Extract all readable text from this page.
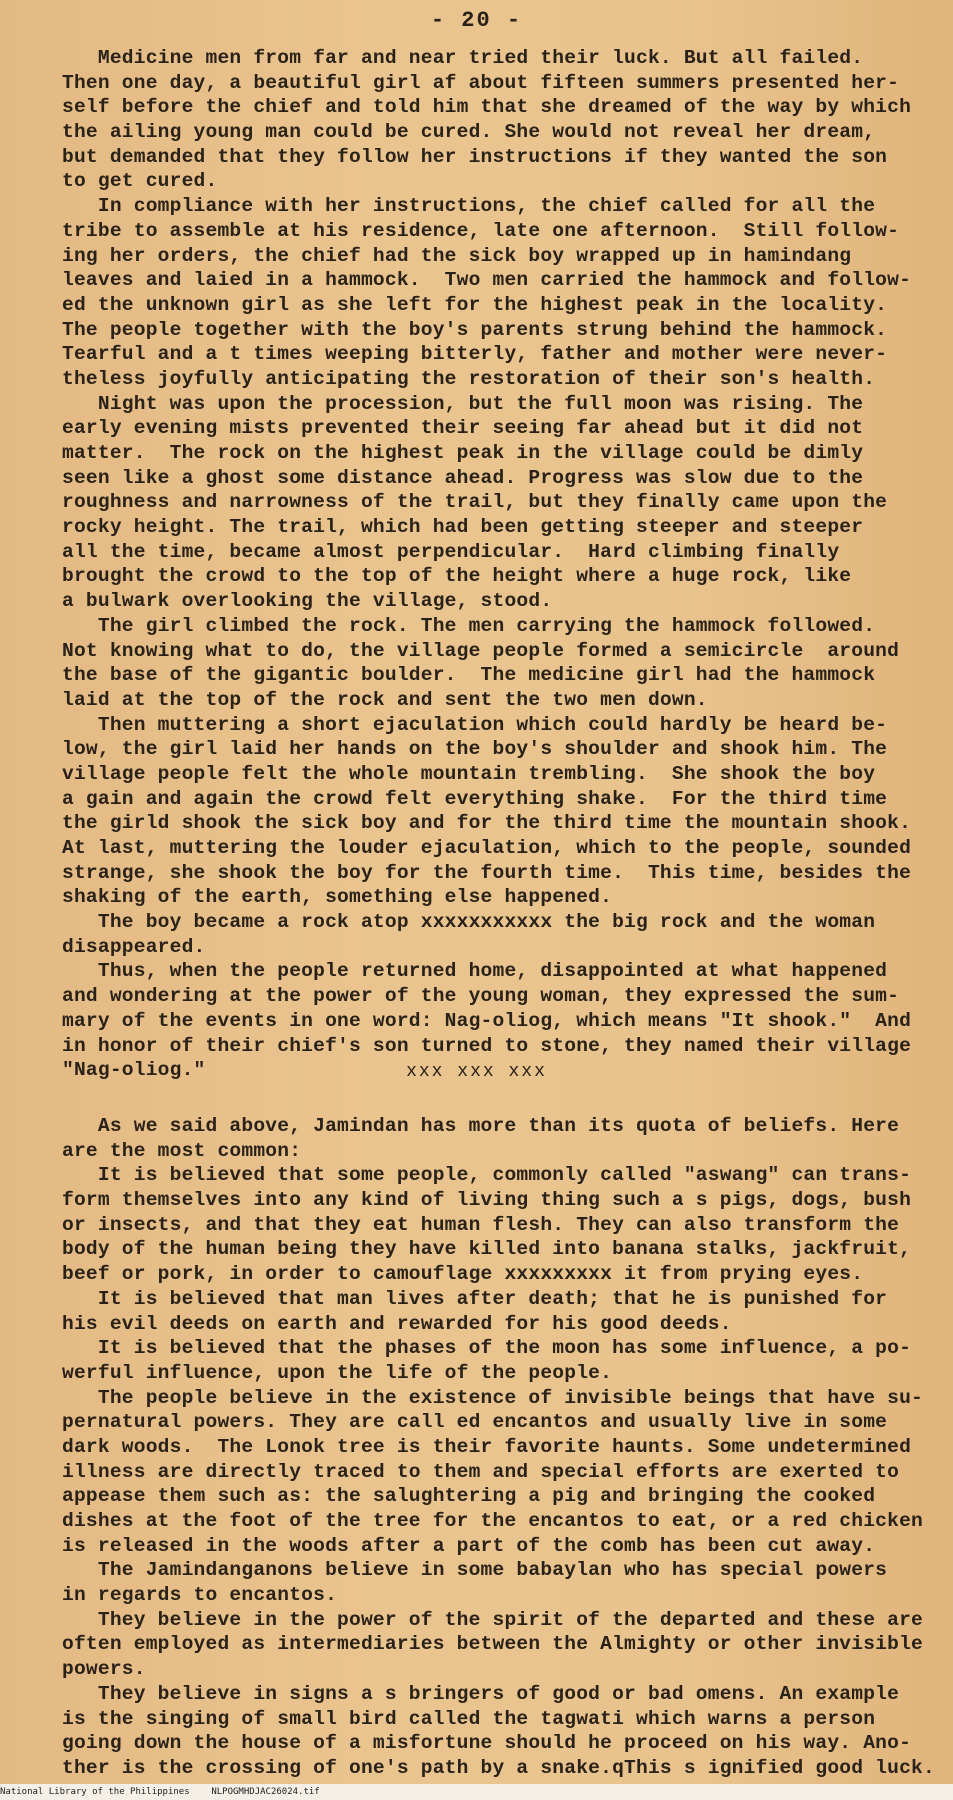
- 20 -
Medicine men from far and near tried their luck. But all failed.
Then one day, a beautiful girl af about fifteen summers presented her-
self before the chief and told him that she dreamed of the way by which
the ailing young man could be cured. She would not reveal her dream,
but demanded that they follow her instructions if they wanted the son
to get cured.
In compliance with her instructions, the chief called for all the
tribe to assemble at his residence, late one afternoon.  Still follow-
ing her orders, the chief had the sick boy wrapped up in hamindang
leaves and laied in a hammock.  Two men carried the hammock and follow-
ed the unknown girl as she left for the highest peak in the locality.
The people together with the boy's parents strung behind the hammock.
Tearful and a t times weeping bitterly, father and mother were never-
theless joyfully anticipating the restoration of their son's health.
Night was upon the procession, but the full moon was rising. The
early evening mists prevented their seeing far ahead but it did not
matter.  The rock on the highest peak in the village could be dimly
seen like a ghost some distance ahead. Progress was slow due to the
roughness and narrowness of the trail, but they finally came upon the
rocky height. The trail, which had been getting steeper and steeper
all the time, became almost perpendicular.  Hard climbing finally
brought the crowd to the top of the height where a huge rock, like
a bulwark overlooking the village, stood.
The girl climbed the rock. The men carrying the hammock followed.
Not knowing what to do, the village people formed a semicircle  around
the base of the gigantic boulder.  The medicine girl had the hammock
laid at the top of the rock and sent the two men down.
Then muttering a short ejaculation which could hardly be heard be-
low, the girl laid her hands on the boy's shoulder and shook him. The
village people felt the whole mountain trembling.  She shook the boy
a gain and again the crowd felt everything shake.  For the third time
the girld shook the sick boy and for the third time the mountain shook.
At last, muttering the louder ejaculation, which to the people, sounded
strange, she shook the boy for the fourth time.  This time, besides the
shaking of the earth, something else happened.
The boy became a rock atop xxxxxxxxxxx the big rock and the woman
disappeared.
Thus, when the people returned home, disappointed at what happened
and wondering at the power of the young woman, they expressed the sum-
mary of the events in one word: Nag-oliog, which means "It shook."  And
in honor of their chief's son turned to stone, they named their village
"Nag-oliog."	xxx xxx xxx
As we said above, Jamindan has more than its quota of beliefs. Here
are the most common:
It is believed that some people, commonly called "aswang" can trans-
form themselves into any kind of living thing such a s pigs, dogs, bush
or insects, and that they eat human flesh. They can also transform the
body of the human being they have killed into banana stalks, jackfruit,
beef or pork, in order to camouflage xxxxxxxxx it from prying eyes.
It is believed that man lives after death; that he is punished for
his evil deeds on earth and rewarded for his good deeds.
It is believed that the phases of the moon has some influence, a po-
werful influence, upon the life of the people.
The people believe in the existence of invisible beings that have su-
pernatural powers. They are call ed encantos and usually live in some
dark woods.  The Lonok tree is their favorite haunts. Some undetermined
illness are directly traced to them and special efforts are exerted to
appease them such as: the salughtering a pig and bringing the cooked
dishes at the foot of the tree for the encantos to eat, or a red chicken
is released in the woods after a part of the comb has been cut away.
The Jamindanganons believe in some babaylan who has special powers
in regards to encantos.
They believe in the power of the spirit of the departed and these are
often employed as intermediaries between the Almighty or other invisible
powers.
They believe in signs a s bringers of good or bad omens. An example
is the singing of small bird called the tagwati which warns a person
going down the house of a misfortune should he proceed on his way. Ano-
ther is the crossing of one's path by a snake.qThis s ignified good luck.
National Library of the Philippines NLPOGMHDJAC26024.tif
